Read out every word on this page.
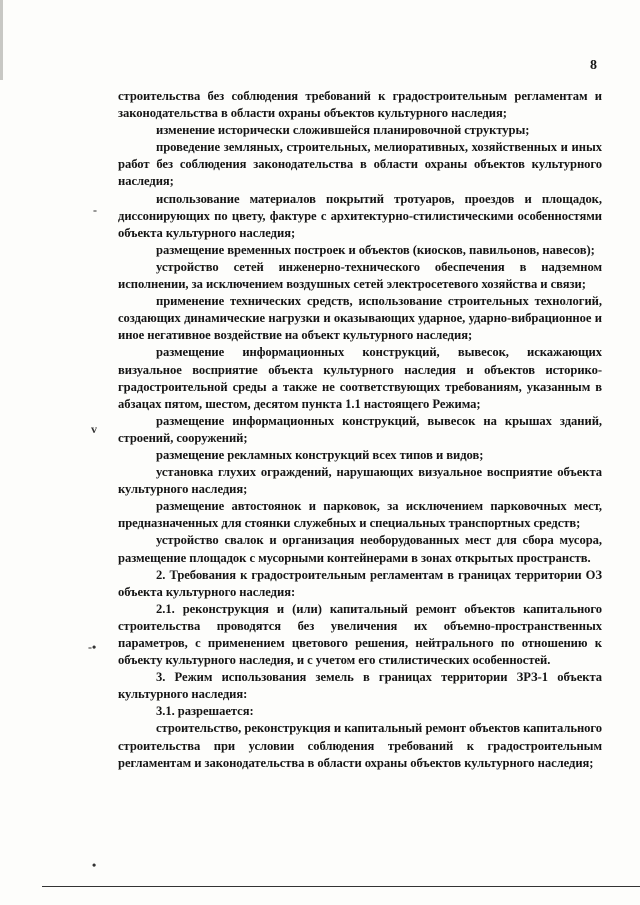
8
-
v
-•
•

строительства без соблюдения требований к градостроительным регламентам и законодательства в области охраны объектов культурного наследия;

изменение исторически сложившейся планировочной структуры;

проведение земляных, строительных, мелиоративных, хозяйственных и иных работ без соблюдения законодательства в области охраны объектов культурного наследия;

использование материалов покрытий тротуаров, проездов и площадок, диссонирующих по цвету, фактуре с архитектурно-стилистическими особенностями объекта культурного наследия;

размещение временных построек и объектов (киосков, павильонов, навесов);

устройство сетей инженерно-технического обеспечения в надземном исполнении, за исключением воздушных сетей электросетевого хозяйства и связи;

применение технических средств, использование строительных технологий, создающих динамические нагрузки и оказывающих ударное, ударно-вибрационное и иное негативное воздействие на объект культурного наследия;

размещение информационных конструкций, вывесок, искажающих визуальное восприятие объекта культурного наследия и объектов историко-градостроительной среды а также не соответствующих требованиям, указанным в абзацах пятом, шестом, десятом пункта 1.1 настоящего Режима;

размещение информационных конструкций, вывесок на крышах зданий, строений, сооружений;

размещение рекламных конструкций всех типов и видов;

установка глухих ограждений, нарушающих визуальное восприятие объекта культурного наследия;

размещение автостоянок и парковок, за исключением парковочных мест, предназначенных для стоянки служебных и специальных транспортных средств;

устройство свалок и организация необорудованных мест для сбора мусора, размещение площадок с мусорными контейнерами в зонах открытых пространств.

2. Требования к градостроительным регламентам в границах территории ОЗ объекта культурного наследия:

2.1. реконструкция и (или) капитальный ремонт объектов капитального строительства проводятся без увеличения их объемно-пространственных параметров, с применением цветового решения, нейтрального по отношению к объекту культурного наследия, и с учетом его стилистических особенностей.

3. Режим использования земель в границах территории ЗРЗ-1 объекта культурного наследия:

3.1. разрешается:

строительство, реконструкция и капитальный ремонт объектов капитального строительства при условии соблюдения требований к градостроительным регламентам и законодательства в области охраны объектов культурного наследия;
